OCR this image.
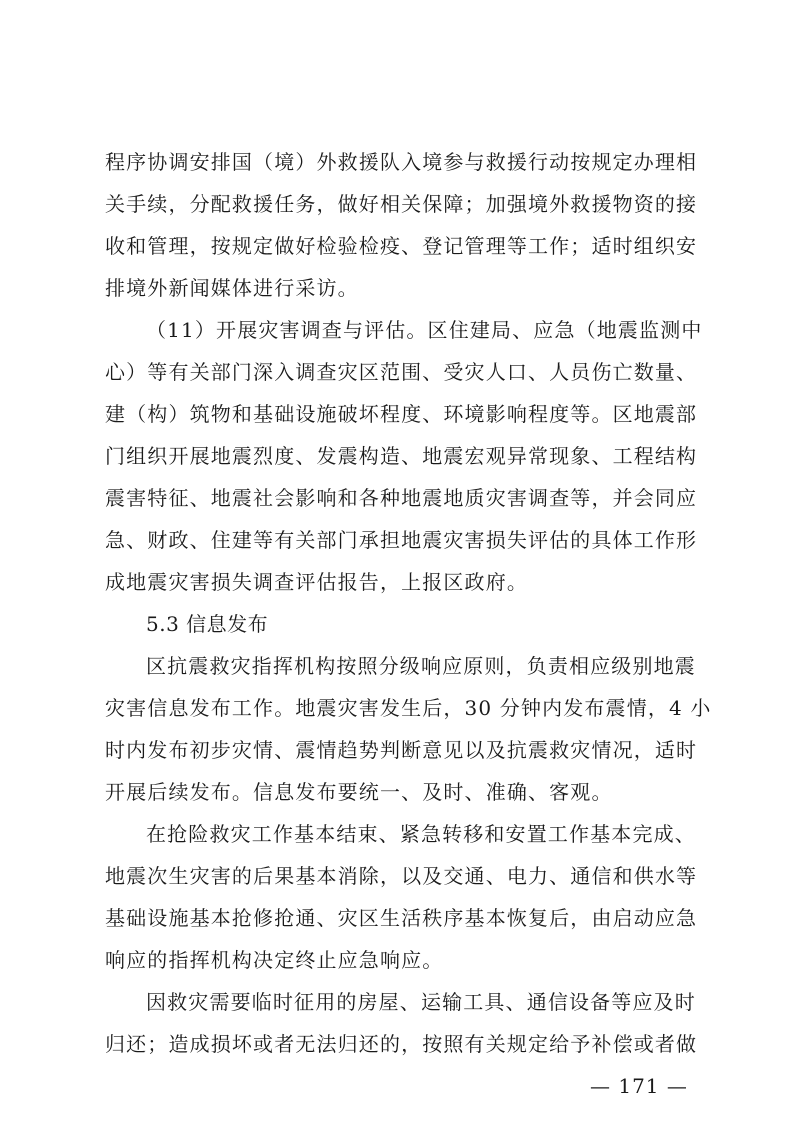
程序协调安排国（境）外救援队入境参与救援行动按规定办理相
关手续，分配救援任务，做好相关保障；加强境外救援物资的接
收和管理，按规定做好检验检疫、登记管理等工作；适时组织安
排境外新闻媒体进行采访。
（11）开展灾害调查与评估。区住建局、应急（地震监测中
心）等有关部门深入调查灾区范围、受灾人口、人员伤亡数量、
建（构）筑物和基础设施破坏程度、环境影响程度等。区地震部
门组织开展地震烈度、发震构造、地震宏观异常现象、工程结构
震害特征、地震社会影响和各种地震地质灾害调查等，并会同应
急、财政、住建等有关部门承担地震灾害损失评估的具体工作形
成地震灾害损失调查评估报告，上报区政府。
5.3 信息发布
区抗震救灾指挥机构按照分级响应原则，负责相应级别地震
灾害信息发布工作。地震灾害发生后，30 分钟内发布震情，4 小
时内发布初步灾情、震情趋势判断意见以及抗震救灾情况，适时
开展后续发布。信息发布要统一、及时、准确、客观。
在抢险救灾工作基本结束、紧急转移和安置工作基本完成、
地震次生灾害的后果基本消除，以及交通、电力、通信和供水等
基础设施基本抢修抢通、灾区生活秩序基本恢复后，由启动应急
响应的指挥机构决定终止应急响应。
因救灾需要临时征用的房屋、运输工具、通信设备等应及时
归还；造成损坏或者无法归还的，按照有关规定给予补偿或者做
— 171 —
